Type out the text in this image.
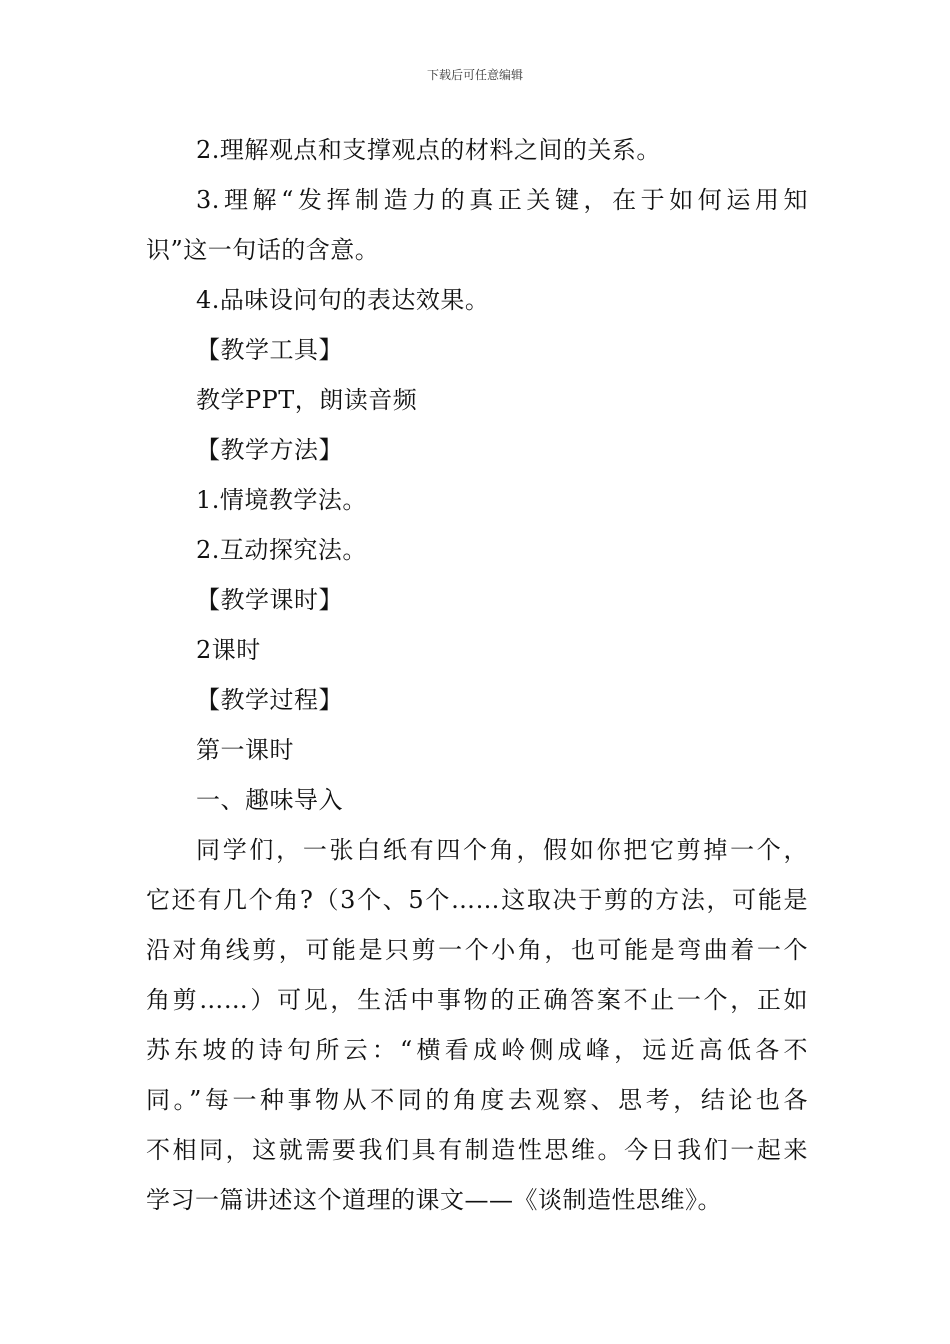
下载后可任意编辑
2.理解观点和支撑观点的材料之间的关系。
3.理解“发挥制造力的真正关键，在于如何运用知
识”这一句话的含意。
4.品味设问句的表达效果。
【教学工具】
教学PPT，朗读音频
【教学方法】
1.情境教学法。
2.互动探究法。
【教学课时】
2课时
【教学过程】
第一课时
一、趣味导入
同学们，一张白纸有四个角，假如你把它剪掉一个，
它还有几个角?（3个、5个……这取决于剪的方法，可能是
沿对角线剪，可能是只剪一个小角，也可能是弯曲着一个
角剪……）可见，生活中事物的正确答案不止一个，正如
苏东坡的诗句所云：“横看成岭侧成峰，远近高低各不
同。”每一种事物从不同的角度去观察、思考，结论也各
不相同，这就需要我们具有制造性思维。今日我们一起来
学习一篇讲述这个道理的课文——《谈制造性思维》。
